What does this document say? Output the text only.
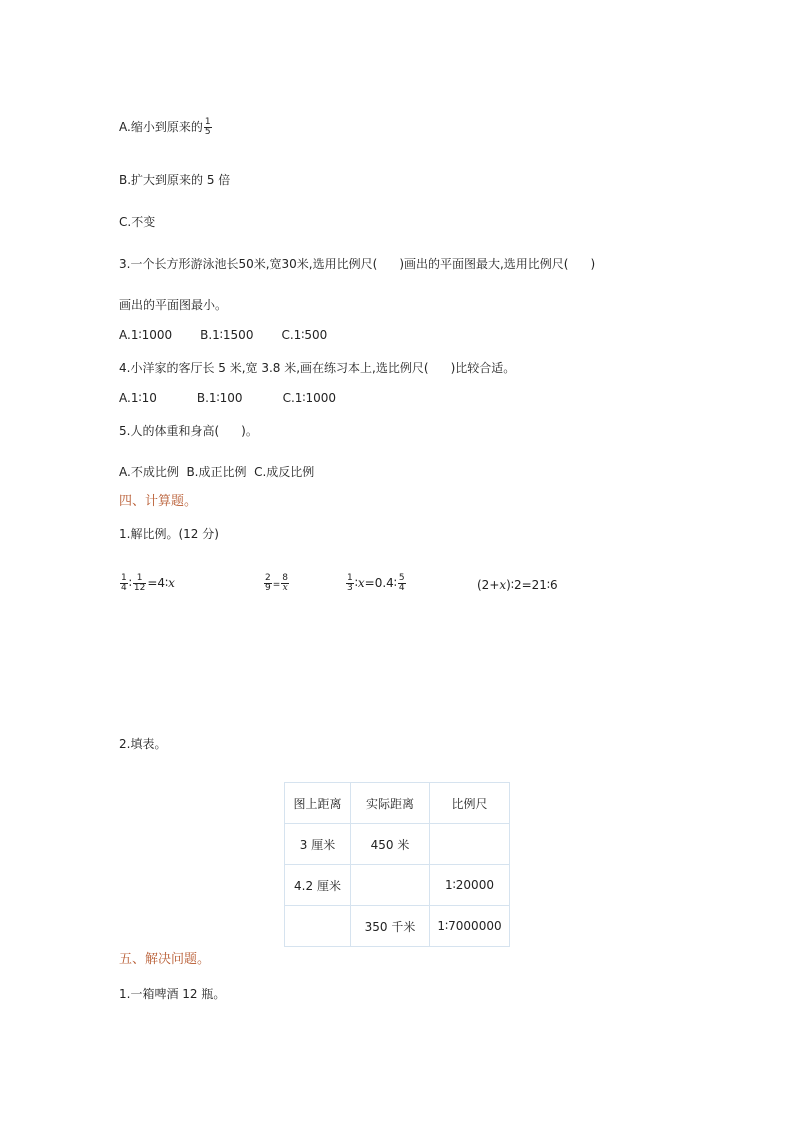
A.缩小到原来的 $\frac{1}{5}$
B.扩大到原来的 5 倍
C.不变
3.一个长方形游泳池长50米,宽30米,选用比例尺( )画出的平面图最大,选用比例尺( )
画出的平面图最小。
A.1∶1000 B.1∶1500 C.1∶500
4.小洋家的客厅长 5 米,宽 3.8 米,画在练习本上,选比例尺( )比较合适。
A.1∶10	B.1∶100	C.1∶1000
5.人的体重和身高( )。
A.不成比例  B.成正比例  C.成反比例
四、计算题。
1.解比例。(12 分)
$\frac{1}{4}$ ∶ $\frac{1}{12}$ =4∶x	$\frac{2}{9} = \frac{8}{x}$	$\frac{1}{3}$ ∶x=0.4∶ $\frac{5}{4}$	(2+x)∶2=21∶6
2.填表。
图上距离	实际距离	比例尺
3 厘米	450 米	
4.2 厘米		1∶20000
	350 千米	1∶7000000
五、解决问题。
1.一箱啤酒 12 瓶。
